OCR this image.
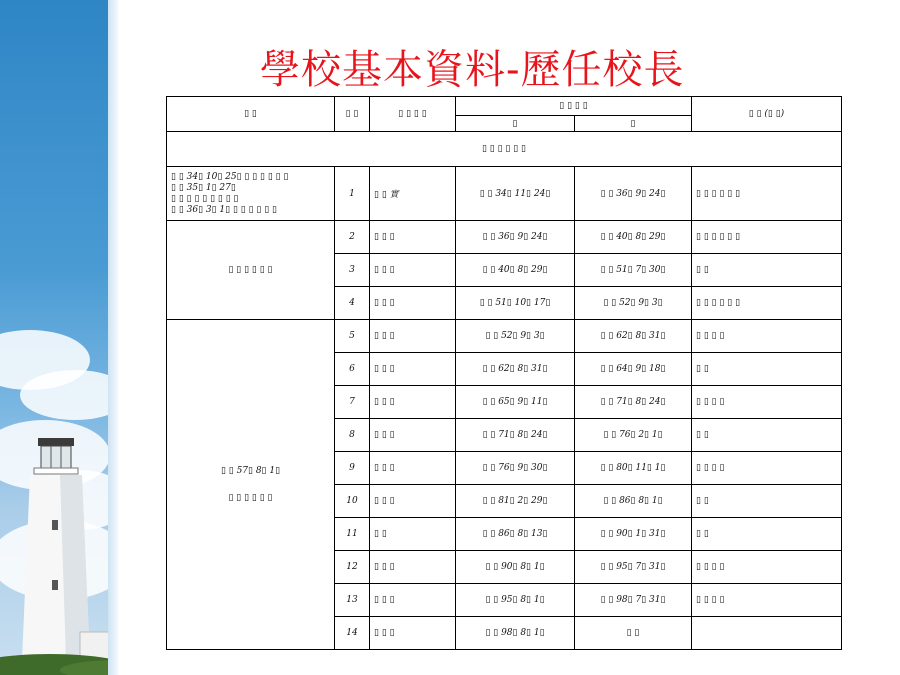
學校基本資料-歷任校長
▯ ▯	▯ ▯	▯ ▯ ▯ ▯	▯ ▯ ▯ ▯		▯ ▯ (▯ ▯)
			▯	▯	
▯ ▯ ▯ ▯ ▯ ▯					

▯ ▯ 34▯ 10▯ 25▯ ▯ ▯ ▯ ▯ ▯ ▯
▯ ▯ 35▯ 1▯ 27▯
▯ ▯ ▯ ▯ ▯ ▯ ▯ ▯ ▯
▯ ▯ 36▯ 3▯ 1▯ ▯ ▯ ▯ ▯ ▯ ▯	1	▯ ▯ 實	▯ ▯ 34▯ 11▯ 24▯	▯ ▯ 36▯ 9▯ 24▯	▯ ▯ ▯ ▯ ▯ ▯

▯ ▯ ▯ ▯ ▯ ▯	2	▯ ▯ ▯	▯ ▯ 36▯ 9▯ 24▯	▯ ▯ 40▯ 8▯ 29▯	▯ ▯ ▯ ▯ ▯ ▯
	3	▯ ▯ ▯	▯ ▯ 40▯ 8▯ 29▯	▯ ▯ 51▯ 7▯ 30▯	▯ ▯
	4	▯ ▯ ▯	▯ ▯ 51▯ 10▯ 17▯	▯ ▯ 52▯ 9▯ 3▯	▯ ▯ ▯ ▯ ▯ ▯

▯ ▯ 57▯ 8▯ 1▯
▯ ▯ ▯ ▯ ▯ ▯	5	▯ ▯ ▯	▯ ▯ 52▯ 9▯ 3▯	▯ ▯ 62▯ 8▯ 31▯	▯ ▯ ▯ ▯
	6	▯ ▯ ▯	▯ ▯ 62▯ 8▯ 31▯	▯ ▯ 64▯ 9▯ 18▯	▯ ▯
	7	▯ ▯ ▯	▯ ▯ 65▯ 9▯ 11▯	▯ ▯ 71▯ 8▯ 24▯	▯ ▯ ▯ ▯
	8	▯ ▯ ▯	▯ ▯ 71▯ 8▯ 24▯	▯ ▯ 76▯ 2▯ 1▯	▯ ▯
	9	▯ ▯ ▯	▯ ▯ 76▯ 9▯ 30▯	▯ ▯ 80▯ 11▯ 1▯	▯ ▯ ▯ ▯
	10	▯ ▯ ▯	▯ ▯ 81▯ 2▯ 29▯	▯ ▯ 86▯ 8▯ 1▯	▯ ▯
	11	▯ ▯	▯ ▯ 86▯ 8▯ 13▯	▯ ▯ 90▯ 1▯ 31▯	▯ ▯
	12	▯ ▯ ▯	▯ ▯ 90▯ 8▯ 1▯	▯ ▯ 95▯ 7▯ 31▯	▯ ▯ ▯ ▯
	13	▯ ▯ ▯	▯ ▯ 95▯ 8▯ 1▯	▯ ▯ 98▯ 7▯ 31▯	▯ ▯ ▯ ▯
	14	▯ ▯ ▯	▯ ▯ 98▯ 8▯ 1▯	▯ ▯	
